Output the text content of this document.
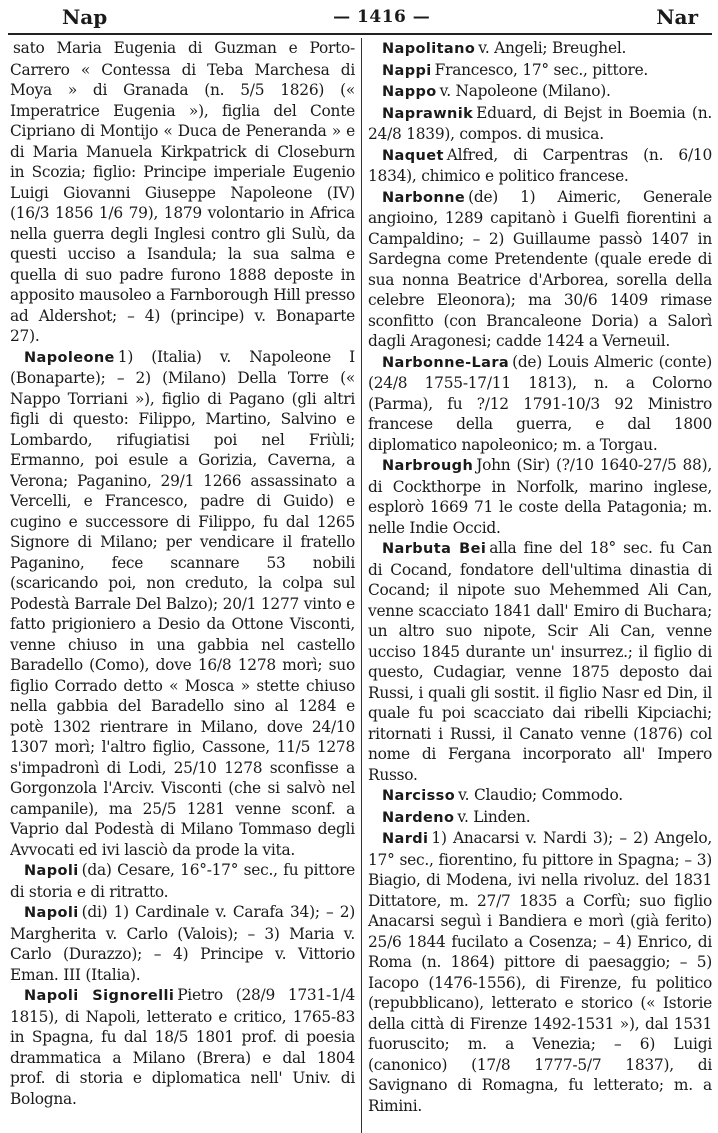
Nap	— 1416 —	Nar

sato Maria Eugenia di Guzman e Porto-Carrero « Contessa di Teba Marchesa di Moya » di Granada (n. 5/5 1826) (« Imperatrice Eugenia »), figlia del Conte Cipriano di Montijo « Duca de Peneranda » e di Maria Manuela Kirkpatrick di Closeburn in Scozia; figlio: Principe imperiale Eugenio Luigi Giovanni Giuseppe Napoleone (IV) (16/3 1856 1/6 79), 1879 volontario in Africa nella guerra degli Inglesi contro gli Sulù, da questi ucciso a Isandula; la sua salma e quella di suo padre furono 1888 deposte in apposito mausoleo a Farnborough Hill presso ad Aldershot; – 4) (principe) v. Bonaparte 27).

Napoleone 1) (Italia) v. Napoleone I (Bonaparte); – 2) (Milano) Della Torre (« Nappo Torriani »), figlio di Pagano (gli altri figli di questo: Filippo, Martino, Salvino e Lombardo, rifugiatisi poi nel Friùli; Ermanno, poi esule a Gorizia, Caverna, a Verona; Paganino, 29/1 1266 assassinato a Vercelli, e Francesco, padre di Guido) e cugino e successore di Filippo, fu dal 1265 Signore di Milano; per vendicare il fratello Paganino, fece scannare 53 nobili (scaricando poi, non creduto, la colpa sul Podestà Barrale Del Balzo); 20/1 1277 vinto e fatto prigioniero a Desio da Ottone Visconti, venne chiuso in una gabbia nel castello Baradello (Como), dove 16/8 1278 morì; suo figlio Corrado detto « Mosca » stette chiuso nella gabbia del Baradello sino al 1284 e potè 1302 rientrare in Milano, dove 24/10 1307 morì; l'altro figlio, Cassone, 11/5 1278 s'impadronì di Lodi, 25/10 1278 sconfisse a Gorgonzola l'Arciv. Visconti (che si salvò nel campanile), ma 25/5 1281 venne sconf. a Vaprio dal Podestà di Milano Tommaso degli Avvocati ed ivi lasciò da prode la vita.

Napoli (da) Cesare, 16°-17° sec., fu pittore di storia e di ritratto.

Napoli (di) 1) Cardinale v. Carafa 34); – 2) Margherita v. Carlo (Valois); – 3) Maria v. Carlo (Durazzo); – 4) Principe v. Vittorio Eman. III (Italia).

Napoli Signorelli Pietro (28/9 1731-1/4 1815), di Napoli, letterato e critico, 1765-83 in Spagna, fu dal 18/5 1801 prof. di poesia drammatica a Milano (Brera) e dal 1804 prof. di storia e diplomatica nell' Univ. di Bologna.

Napolitano v. Angeli; Breughel.

Nappi Francesco, 17° sec., pittore.

Nappo v. Napoleone (Milano).

Naprawnik Eduard, di Bejst in Boemia (n. 24/8 1839), compos. di musica.

Naquet Alfred, di Carpentras (n. 6/10 1834), chimico e politico francese.

Narbonne (de) 1) Aimeric, Generale angioino, 1289 capitanò i Guelfi fiorentini a Campaldino; – 2) Guillaume passò 1407 in Sardegna come Pretendente (quale erede di sua nonna Beatrice d'Arborea, sorella della celebre Eleonora); ma 30/6 1409 rimase sconfitto (con Brancaleone Doria) a Salorì dagli Aragonesi; cadde 1424 a Verneuil.

Narbonne-Lara (de) Louis Almeric (conte) (24/8 1755-17/11 1813), n. a Colorno (Parma), fu ?/12 1791-10/3 92 Ministro francese della guerra, e dal 1800 diplomatico napoleonico; m. a Torgau.

Narbrough John (Sir) (?/10 1640-27/5 88), di Cockthorpe in Norfolk, marino inglese, esplorò 1669 71 le coste della Patagonia; m. nelle Indie Occid.

Narbuta Bei alla fine del 18° sec. fu Can di Cocand, fondatore dell'ultima dinastia di Cocand; il nipote suo Mehemmed Ali Can, venne scacciato 1841 dall' Emiro di Buchara; un altro suo nipote, Scir Ali Can, venne ucciso 1845 durante un' insurrez.; il figlio di questo, Cudagiar, venne 1875 deposto dai Russi, i quali gli sostit. il figlio Nasr ed Din, il quale fu poi scacciato dai ribelli Kipciachi; ritornati i Russi, il Canato venne (1876) col nome di Fergana incorporato all' Impero Russo.

Narcisso v. Claudio; Commodo.

Nardeno v. Linden.

Nardi 1) Anacarsi v. Nardi 3); – 2) Angelo, 17° sec., fiorentino, fu pittore in Spagna; – 3) Biagio, di Modena, ivi nella rivoluz. del 1831 Dittatore, m. 27/7 1835 a Corfù; suo figlio Anacarsi seguì i Bandiera e morì (già ferito) 25/6 1844 fucilato a Cosenza; – 4) Enrico, di Roma (n. 1864) pittore di paesaggio; – 5) Iacopo (1476-1556), di Firenze, fu politico (repubblicano), letterato e storico (« Istorie della città di Firenze 1492-1531 »), dal 1531 fuoruscito; m. a Venezia; – 6) Luigi (canonico) (17/8 1777-5/7 1837), di Savignano di Romagna, fu letterato; m. a Rimini.
